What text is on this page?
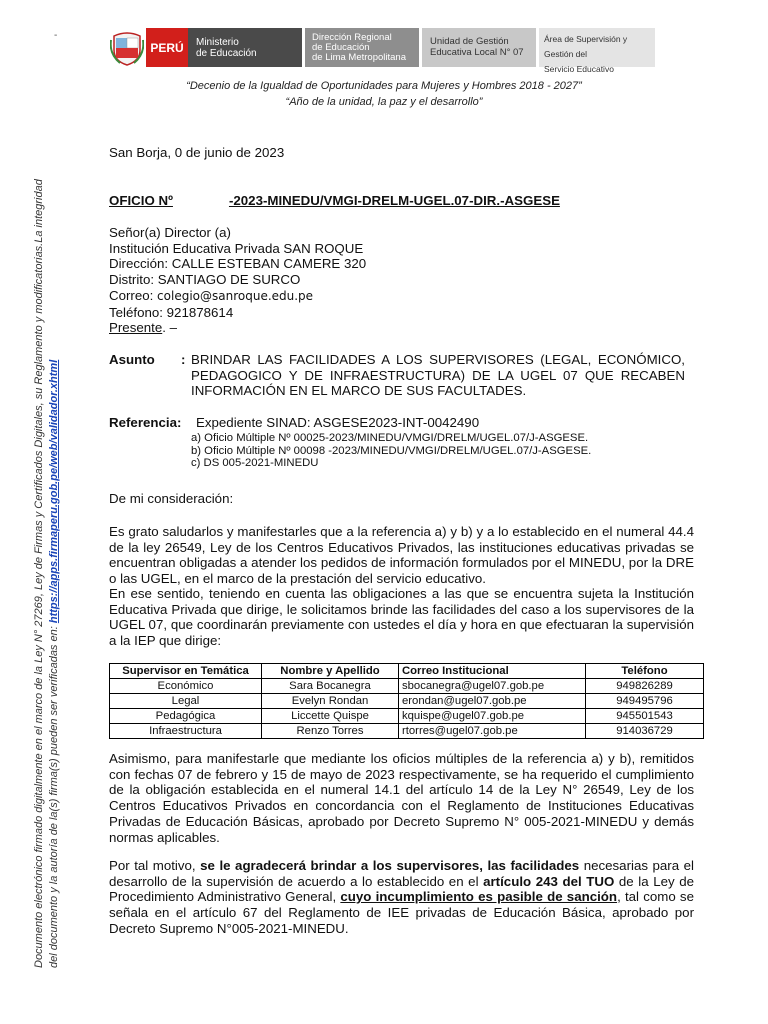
-
PERÚ Ministerio
de Educación
Dirección Regional
de Educación
de Lima Metropolitana
Unidad de Gestión
Educativa Local N° 07
Área de Supervisión y Gestión del
Servicio Educativo
“Decenio de la Igualdad de Oportunidades para Mujeres y Hombres 2018 - 2027”
“Año de la unidad, la paz y el desarrollo”
Documento electrónico firmado digitalmente en el marco de la Ley N° 27269, Ley de Firmas y Certificados Digitales, su Reglamento y modificatorias.La integridad del documento y la autoría de la(s) firma(s) pueden ser verificadas en: https://apps.firmaperu.gob.pe/web/validador.xhtml
San Borja, 0 de junio de 2023
OFICIO Nº	-2023-MINEDU/VMGI-DRELM-UGEL.07-DIR.-ASGESE
Señor(a) Director (a)
Institución Educativa Privada SAN ROQUE
Dirección: CALLE ESTEBAN CAMERE 320
Distrito: SANTIAGO DE SURCO
Correo: colegio@sanroque.edu.pe
Teléfono: 921878614
Presente. –
Asunto : BRINDAR LAS FACILIDADES A LOS SUPERVISORES (LEGAL, ECONÓMICO, PEDAGOGICO Y DE INFRAESTRUCTURA) DE LA UGEL 07 QUE RECABEN INFORMACIÓN EN EL MARCO DE SUS FACULTADES.
Referencia: Expediente SINAD: ASGESE2023-INT-0042490
a) Oficio Múltiple Nº 00025-2023/MINEDU/VMGI/DRELM/UGEL.07/J-ASGESE.
b) Oficio Múltiple Nº 00098 -2023/MINEDU/VMGI/DRELM/UGEL.07/J-ASGESE.
c) DS 005-2021-MINEDU
De mi consideración:
Es grato saludarlos y manifestarles que a la referencia a) y b) y a lo establecido en el numeral 44.4 de la ley 26549, Ley de los Centros Educativos Privados, las instituciones educativas privadas se encuentran obligadas a atender los pedidos de información formulados por el MINEDU, por la DRE o las UGEL, en el marco de la prestación del servicio educativo.
En ese sentido, teniendo en cuenta las obligaciones a las que se encuentra sujeta la Institución Educativa Privada que dirige, le solicitamos brinde las facilidades del caso a los supervisores de la UGEL 07, que coordinarán previamente con ustedes el día y hora en que efectuaran la supervisión a la IEP que dirige:
Supervisor en Temática	Nombre y Apellido	Correo Institucional	Teléfono
Económico	Sara Bocanegra	sbocanegra@ugel07.gob.pe	949826289
Legal	Evelyn Rondan	erondan@ugel07.gob.pe	949495796
Pedagógica	Liccette Quispe	kquispe@ugel07.gob.pe	945501543
Infraestructura	Renzo Torres	rtorres@ugel07.gob.pe	914036729
Asimismo, para manifestarle que mediante los oficios múltiples de la referencia a) y b), remitidos con fechas 07 de febrero y 15 de mayo de 2023 respectivamente, se ha requerido el cumplimiento de la obligación establecida en el numeral 14.1 del artículo 14 de la Ley N° 26549, Ley de los Centros Educativos Privados en concordancia con el Reglamento de Instituciones Educativas Privadas de Educación Básicas, aprobado por Decreto Supremo N° 005-2021-MINEDU y demás normas aplicables.
Por tal motivo, se le agradecerá brindar a los supervisores, las facilidades necesarias para el desarrollo de la supervisión de acuerdo a lo establecido en el artículo 243 del TUO de la Ley de Procedimiento Administrativo General, cuyo incumplimiento es pasible de sanción, tal como se señala en el artículo 67 del Reglamento de IEE privadas de Educación Básica, aprobado por Decreto Supremo N°005-2021-MINEDU.
